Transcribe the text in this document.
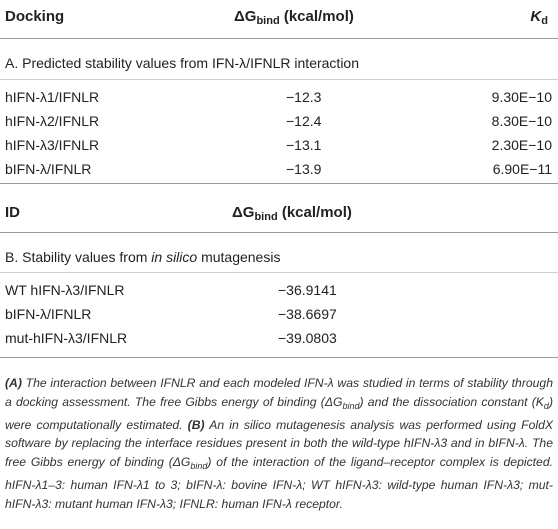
Docking	$\Delta G_{bind}$ (kcal/mol)	$K_d$
A. Predicted stability values from IFN-λ/IFNLR interaction
hIFN-λ1/IFNLR	−12.3	9.30E−10
hIFN-λ2/IFNLR	−12.4	8.30E−10
hIFN-λ3/IFNLR	−13.1	2.30E−10
bIFN-λ/IFNLR	−13.9	6.90E−11
ID	$\Delta G_{bind}$ (kcal/mol)
B. Stability values from in silico mutagenesis
WT hIFN-λ3/IFNLR	−36.9141
bIFN-λ/IFNLR	−38.6697
mut-hIFN-λ3/IFNLR	−39.0803
(A) The interaction between IFNLR and each modeled IFN-λ was studied in terms of stability through a docking assessment. The free Gibbs energy of binding $(\Delta G_{bind})$ and the dissociation constant $(K_d)$ were computationally estimated. (B) An in silico mutagenesis analysis was performed using FoldX software by replacing the interface residues present in both the wild-type hIFN-λ3 and in bIFN-λ. The free Gibbs energy of binding $(\Delta G_{bind})$ of the interaction of the ligand–receptor complex is depicted. hIFN-λ1–3: human IFN-λ1 to 3; bIFN-λ: bovine IFN-λ; WT hIFN-λ3: wild-type human IFN-λ3; mut-hIFN-λ3: mutant human IFN-λ3; IFNLR: human IFN-λ receptor.
